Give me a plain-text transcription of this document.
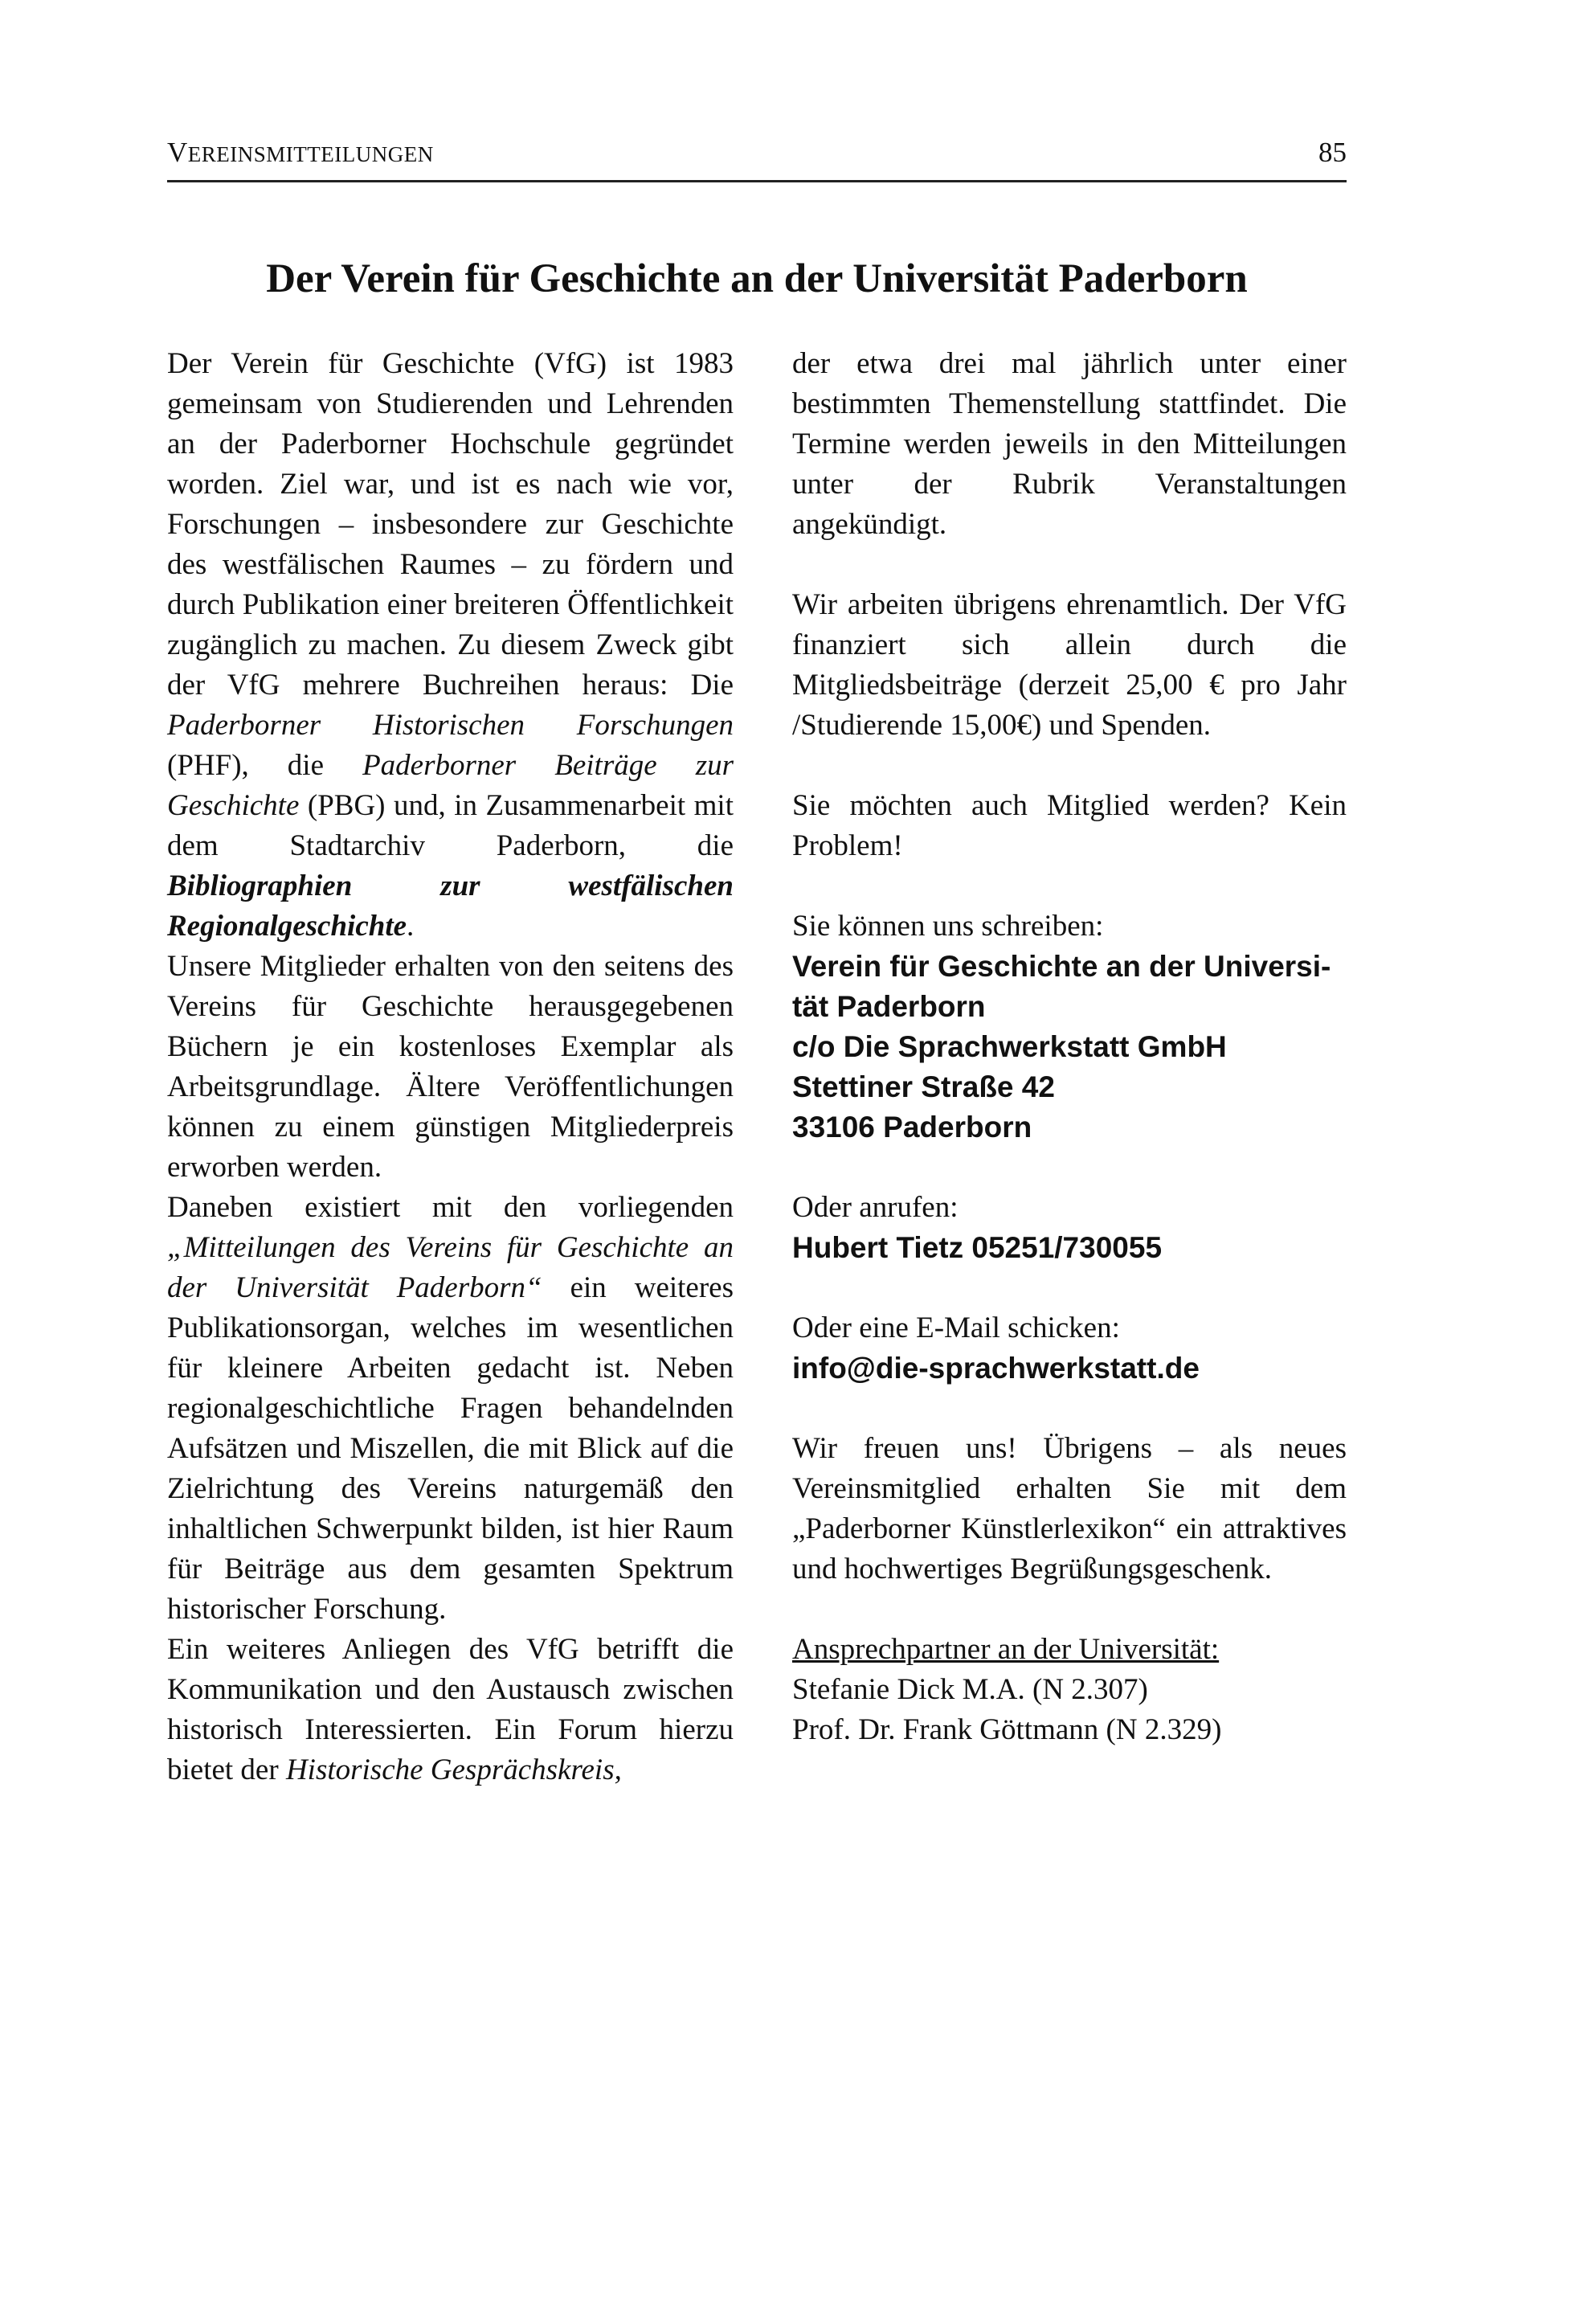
VEREINSMITTEILUNGEN	85
Der Verein für Geschichte an der Universität Paderborn

Der Verein für Geschichte (VfG) ist 1983 gemeinsam von Studierenden und Lehrenden an der Paderborner Hochschule gegründet worden. Ziel war, und ist es nach wie vor, Forschungen – insbesondere zur Geschichte des westfälischen Raumes – zu fördern und durch Publikation einer breiteren Öffentlichkeit zugänglich zu machen. Zu diesem Zweck gibt der VfG mehrere Buchreihen heraus: Die Paderborner Historischen Forschungen (PHF), die Paderborner Beiträge zur Geschichte (PBG) und, in Zusammenarbeit mit dem Stadtarchiv Paderborn, die Bibliographien zur westfälischen Regionalgeschichte.

Unsere Mitglieder erhalten von den seitens des Vereins für Geschichte herausgegebenen Büchern je ein kostenloses Exemplar als Arbeitsgrundlage. Ältere Veröffentlichungen können zu einem günstigen Mitgliederpreis erworben werden.

Daneben existiert mit den vorliegenden „Mitteilungen des Vereins für Geschichte an der Universität Paderborn“ ein weiteres Publikationsorgan, welches im wesentlichen für kleinere Arbeiten gedacht ist. Neben regionalgeschichtliche Fragen behandelnden Aufsätzen und Miszellen, die mit Blick auf die Zielrichtung des Vereins naturgemäß den inhaltlichen Schwerpunkt bilden, ist hier Raum für Beiträge aus dem gesamten Spektrum historischer Forschung.

Ein weiteres Anliegen des VfG betrifft die Kommunikation und den Austausch zwischen historisch Interessierten. Ein Forum hierzu bietet der Historische Gesprächskreis,

der etwa drei mal jährlich unter einer bestimmten Themenstellung stattfindet. Die Termine werden jeweils in den Mitteilungen unter der Rubrik Veranstaltungen angekündigt.

Wir arbeiten übrigens ehrenamtlich. Der VfG finanziert sich allein durch die Mitgliedsbeiträge (derzeit 25,00 € pro Jahr /Studierende 15,00€) und Spenden.

Sie möchten auch Mitglied werden? Kein Problem!

Sie können uns schreiben:

Verein für Geschichte an der Universi-
tät Paderborn
c/o Die Sprachwerkstatt GmbH
Stettiner Straße 42
33106 Paderborn

Oder anrufen:

Hubert Tietz 05251/730055

Oder eine E-Mail schicken:

info@die-sprachwerkstatt.de

Wir freuen uns! Übrigens – als neues Vereinsmitglied erhalten Sie mit dem „Paderborner Künstlerlexikon“ ein attraktives und hochwertiges Begrüßungsgeschenk.

Ansprechpartner an der Universität:
Stefanie Dick M.A. (N 2.307)
Prof. Dr. Frank Göttmann (N 2.329)
